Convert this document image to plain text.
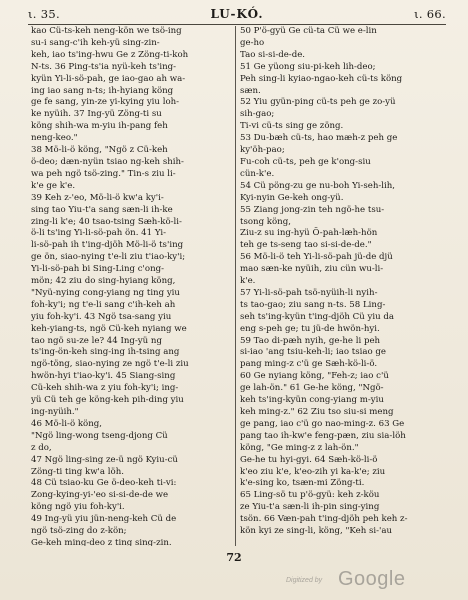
ι. 35.	LU-KÓ.	ι. 66.
kao Cü-ts-keh neng-kön we tsö-ing
su-i sang-c'ih keh-yü sing-zin-
keh, iao ts'ing-hwu Ge z Zöng-ti-koh
N-ts. 36 Ping-ts'ia nyü-keh ts'ing-
kyün Yi-li-sö-pah, ge iao-gao ah wa-
ing iao sang n-ts; ih-hyiang köng
ge fe sang, yin-ze yi-kying yiu loh-
ke nyüih. 37 Ing-yü Zöng-ti su
köng shih-wa m-yiu ih-pang feh
neng-keo."
38 Mö-li-ö köng, "Ngö z Cü-keh
ö-deo; dæn-nyün tsiao ng-keh shih-
wa peh ngö tsö-zing." Tin-s ziu li-
k'e ge k'e.
39 Keh z-'eo, Mö-li-ö kw'a ky'i-
sing tao Yiu-t'a sang sæn-li ih-ke
zing-li k'e; 40 tsao-tsing Sæh-kö-li-
ö-li ts'ing Yi-li-sö-pah ön. 41 Yi-
li-sö-pah ih t'ing-djöh Mö-li-ö ts'ing
ge ön, siao-nying t'e-li ziu t'iao-ky'i;
Yi-li-sö-pah bi Sing-Ling c'ong-
mön; 42 ziu do sing-hyiang köng,
"Nyü-nying cong-yiang ng ting yiu
foh-ky'i; ng t'e-li sang c'ih-keh ah
yiu foh-ky'i. 43 Ngö tsa-sang yiu
keh-yiang-ts, ngö Cü-keh nyiang we
tao ngö su-ze le? 44 Ing-yü ng
ts'ing-ön-keh sing-ing ih-tsing ang
ngö-töng, siao-nying ze ngö t'e-li ziu
hwön-hyi t'iao-ky'i. 45 Siang-sing
Cü-keh shih-wa z yiu foh-ky'i; ing-
yü Cü teh ge köng-keh pih-ding yiu
ing-nyüih."
46 Mö-li-ö köng,
"Ngö ling-wong tseng-djong Cü
z do,
47 Ngö ling-sing ze-ü ngö Kyiu-cü
Zöng-ti ting kw'a löh.
48 Cü tsiao-ku Ge ö-deo-keh ti-vi:
Zong-kying-yi-'eo si-si-de-de we
köng ngö yiu foh-ky'i.
49 Ing-yü yiu jün-neng-keh Cü de
ngö tsö-zing do z-kön;
Ge-keh ming-deo z ting sing-zin.
50 P'ö-gyü Ge cü-ta Cü we e-lin
ge-ho
Tao si-si-de-de.
51 Ge yüong siu-pi-keh lih-deo;
Peh sing-li kyiao-ngao-keh cü-ts köng
sæn.
52 Yiu gyün-ping cü-ts peh ge zo-yü
sih-gao;
Ti-vi cü-ts sing ge zöng.
53 Du-bæh cü-ts, hao mæh-z peh ge
ky'öh-pao;
Fu-coh cü-ts, peh ge k'ong-siu
cün-k'e.
54 Cü pöng-zu ge nu-boh Yi-seh-lih,
Kyi-nyin Ge-keh ong-yü.
55 Ziang jong-zin teh ngö-he tsu-
tsong köng,
Ziu-z su ing-hyü Ö-pah-læh-hön
teh ge ts-seng tao si-si-de-de."
56 Mö-li-ö teh Yi-li-sö-pah jü-de djü
mao sæn-ke nyüih, ziu cün wu-li-
k'e.
57 Yi-li-sö-pah tsö-nyüih-li nyih-
ts tao-gao; ziu sang n-ts. 58 Ling-
seh ts'ing-kyün t'ing-djöh Cü yiu da
eng s-peh ge; tu jü-de hwön-hyi.
59 Tao di-pæh nyih, ge-he li peh
si-iao 'ang tsiu-keh-li; iao tsiao ge
pang ming-z c'ü ge Sæh-kö-li-ö.
60 Ge nyiang köng, "Feh-z; iao c'ü
ge lah-ön." 61 Ge-he köng, "Ngö-
keh ts'ing-kyün cong-yiang m-yiu
keh ming-z." 62 Ziu tso siu-si meng
ge pang, iao c'ü go nao-ming-z. 63 Ge
pang tao ih-kw'e feng-pæn, ziu sia-löh
köng, "Ge ming-z z lah-ön."
Ge-he tu hyi-gyi. 64 Sæh-kö-li-ö
k'eo ziu k'e, k'eo-zih yi ka-k'e; ziu
k'e-sing ko, tsæn-mi Zöng-ti.
65 Ling-sö tu p'ö-gyü: keh z-köu
ze Yiu-t'a sæn-li ih-pin sing-ying
tsön. 66 Væn-pah t'ing-djöh peh keh z-
kön kyi ze sing-li, köng, "Keh si-'au
72
Digitized by Google
